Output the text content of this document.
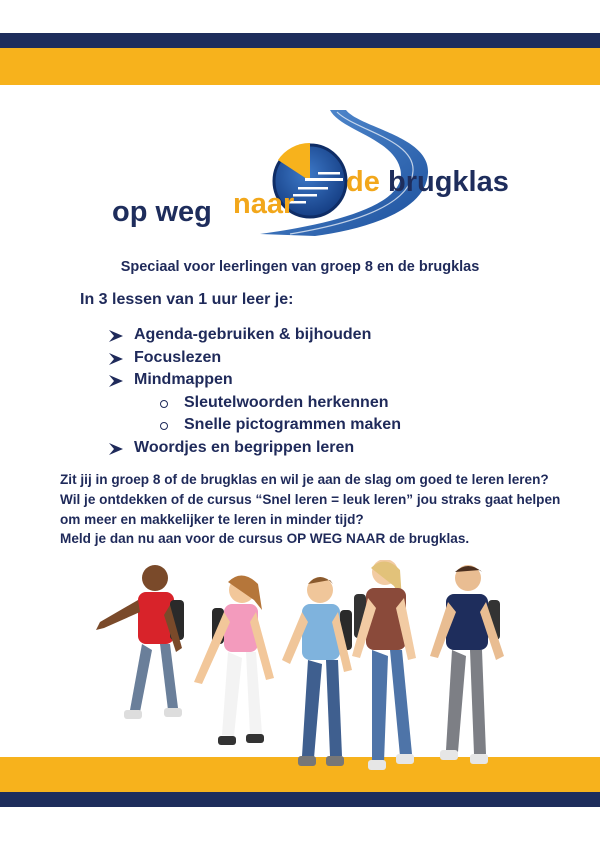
op weg naar
de brugklas
Speciaal voor leerlingen van groep 8 en de brugklas
In 3 lessen van 1 uur leer je:
Agenda-gebruiken & bijhouden
Focuslezen
Mindmappen
Sleutelwoorden herkennen
Snelle pictogrammen maken
Woordjes en begrippen leren
Zit jij in groep 8 of de brugklas en wil je aan de slag om goed te leren leren?
Wil je ontdekken of de cursus “Snel leren = leuk leren” jou straks gaat helpen
om meer en makkelijker te leren in minder tijd?
Meld je dan nu aan voor de cursus OP WEG NAAR de brugklas.
